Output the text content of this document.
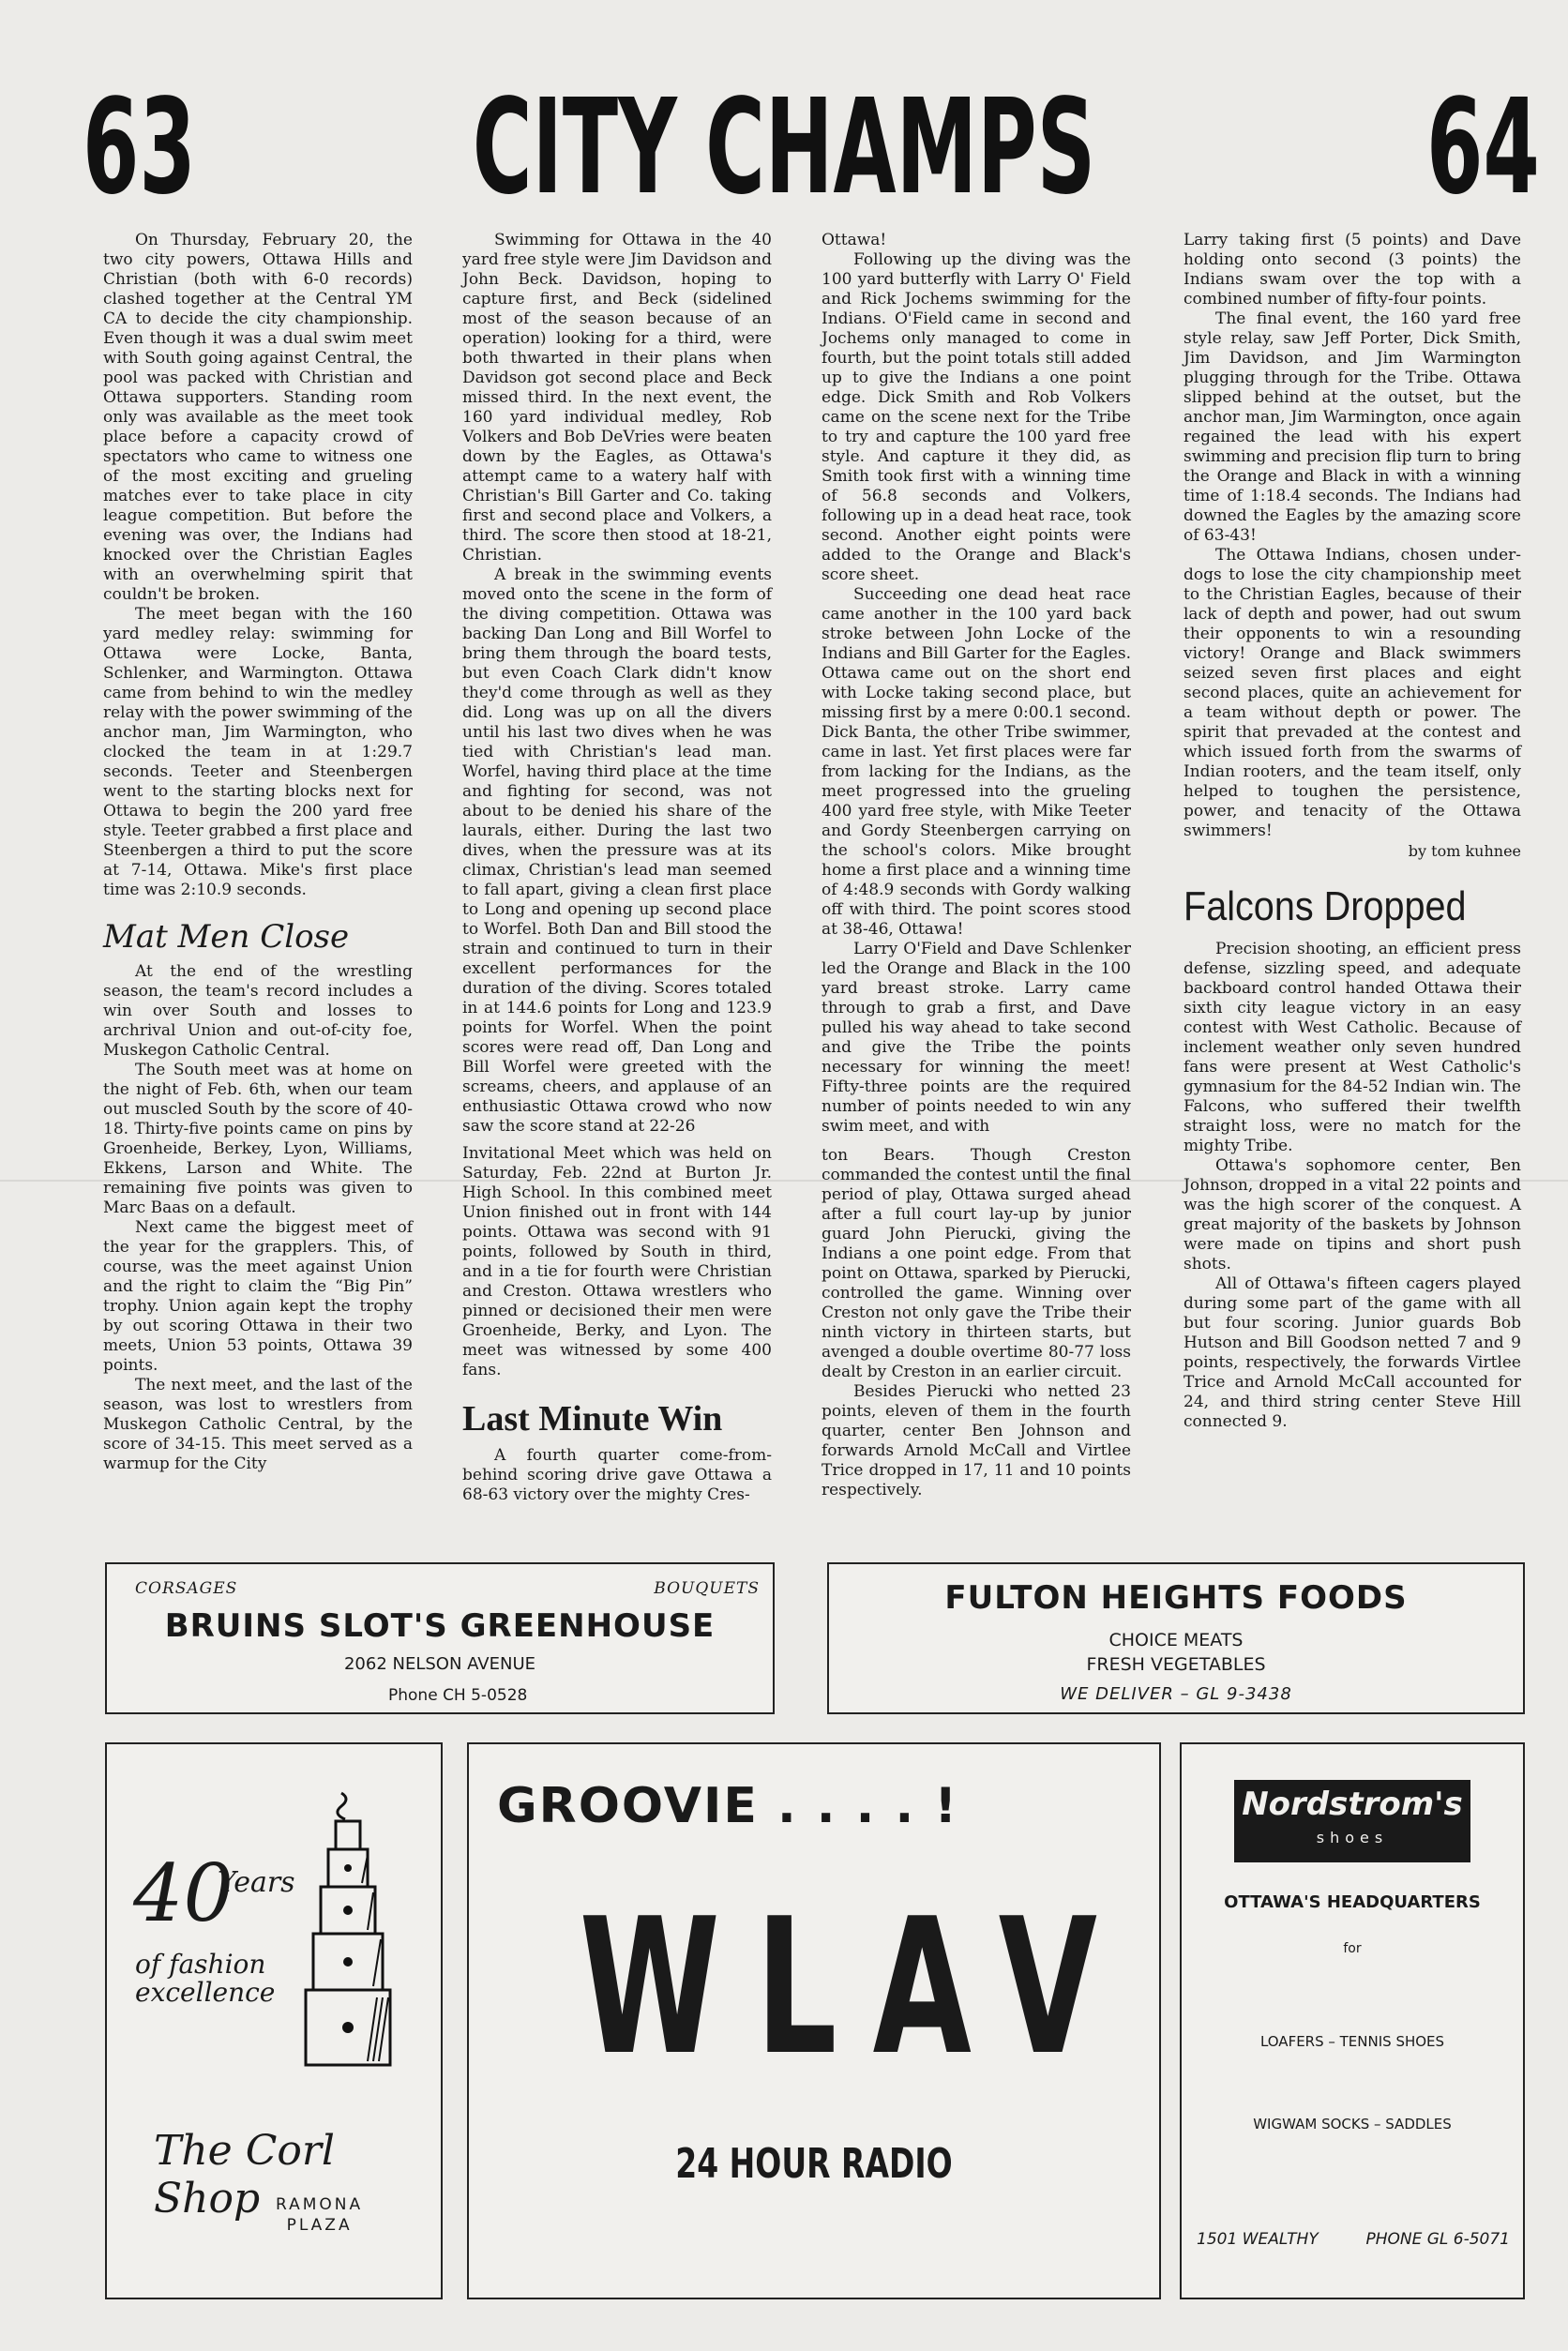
63 CITY CHAMPS	64

On Thursday, February 20, the two city powers, Ottawa Hills and Christian (both with 6-0 records) clashed together at the Central YM CA to decide the city championship. Even though it was a dual swim meet with South going against Central, the pool was packed with Christian and Ottawa supporters. Standing room only was available as the meet took place before a capacity crowd of spectators who came to witness one of the most exciting and grueling matches ever to take place in city league competition. But before the evening was over, the Indians had knocked over the Christian Eagles with an overwhelming spirit that couldn't be broken.

The meet began with the 160 yard medley relay: swimming for Ottawa were Locke, Banta, Schlenker, and Warmington. Ottawa came from behind to win the medley relay with the power swimming of the anchor man, Jim Warmington, who clocked the team in at 1:29.7 seconds. Teeter and Steenbergen went to the starting blocks next for Ottawa to begin the 200 yard free style. Teeter grabbed a first place and Steenbergen a third to put the score at 7-14, Ottawa. Mike's first place time was 2:10.9 seconds.

Mat Men Close

At the end of the wrestling season, the team's record includes a win over South and losses to archrival Union and out-of-city foe, Muskegon Catholic Central.

The South meet was at home on the night of Feb. 6th, when our team out muscled South by the score of 40-18. Thirty-five points came on pins by Groenheide, Berkey, Lyon, Williams, Ekkens, Larson and White. The remaining five points was given to Marc Baas on a default.

Next came the biggest meet of the year for the grapplers. This, of course, was the meet against Union and the right to claim the “Big Pin” trophy. Union again kept the trophy by out scoring Ottawa in their two meets, Union 53 points, Ottawa 39 points.

The next meet, and the last of the season, was lost to wrestlers from Muskegon Catholic Central, by the score of 34-15. This meet served as a warmup for the City

Swimming for Ottawa in the 40 yard free style were Jim Davidson and John Beck. Davidson, hoping to capture first, and Beck (sidelined most of the season because of an operation) looking for a third, were both thwarted in their plans when Davidson got second place and Beck missed third. In the next event, the 160 yard individual medley, Rob Volkers and Bob DeVries were beaten down by the Eagles, as Ottawa's attempt came to a watery half with Christian's Bill Garter and Co. taking first and second place and Volkers, a third. The score then stood at 18-21, Christian.

A break in the swimming events moved onto the scene in the form of the diving competition. Ottawa was backing Dan Long and Bill Worfel to bring them through the board tests, but even Coach Clark didn't know they'd come through as well as they did. Long was up on all the divers until his last two dives when he was tied with Christian's lead man. Worfel, having third place at the time and fighting for second, was not about to be denied his share of the laurals, either. During the last two dives, when the pressure was at its climax, Christian's lead man seemed to fall apart, giving a clean first place to Long and opening up second place to Worfel. Both Dan and Bill stood the strain and continued to turn in their excellent performances for the duration of the diving. Scores totaled in at 144.6 points for Long and 123.9 points for Worfel. When the point scores were read off, Dan Long and Bill Worfel were greeted with the screams, cheers, and applause of an enthusiastic Ottawa crowd who now saw the score stand at 22-26

Invitational Meet which was held on Saturday, Feb. 22nd at Burton Jr. High School. In this combined meet Union finished out in front with 144 points. Ottawa was second with 91 points, followed by South in third, and in a tie for fourth were Christian and Creston. Ottawa wrestlers who pinned or decisioned their men were Groenheide, Berky, and Lyon. The meet was witnessed by some 400 fans.

Last Minute Win

A fourth quarter come-from-behind scoring drive gave Ottawa a 68-63 victory over the mighty Cres-

Ottawa!

Following up the diving was the 100 yard butterfly with Larry O' Field and Rick Jochems swimming for the Indians. O'Field came in second and Jochems only managed to come in fourth, but the point totals still added up to give the Indians a one point edge. Dick Smith and Rob Volkers came on the scene next for the Tribe to try and capture the 100 yard free style. And capture it they did, as Smith took first with a winning time of 56.8 seconds and Volkers, following up in a dead heat race, took second. Another eight points were added to the Orange and Black's score sheet.

Succeeding one dead heat race came another in the 100 yard back stroke between John Locke of the Indians and Bill Garter for the Eagles. Ottawa came out on the short end with Locke taking second place, but missing first by a mere 0:00.1 second. Dick Banta, the other Tribe swimmer, came in last. Yet first places were far from lacking for the Indians, as the meet progressed into the grueling 400 yard free style, with Mike Teeter and Gordy Steenbergen carrying on the school's colors. Mike brought home a first place and a winning time of 4:48.9 seconds with Gordy walking off with third. The point scores stood at 38-46, Ottawa!

Larry O'Field and Dave Schlenker led the Orange and Black in the 100 yard breast stroke. Larry came through to grab a first, and Dave pulled his way ahead to take second and give the Tribe the points necessary for winning the meet! Fifty-three points are the required number of points needed to win any swim meet, and with

ton Bears. Though Creston commanded the contest until the final period of play, Ottawa surged ahead after a full court lay-up by junior guard John Pierucki, giving the Indians a one point edge. From that point on Ottawa, sparked by Pierucki, controlled the game. Winning over Creston not only gave the Tribe their ninth victory in thirteen starts, but avenged a double overtime 80-77 loss dealt by Creston in an earlier circuit.

Besides Pierucki who netted 23 points, eleven of them in the fourth quarter, center Ben Johnson and forwards Arnold McCall and Virtlee Trice dropped in 17, 11 and 10 points respectively.

Larry taking first (5 points) and Dave holding onto second (3 points) the Indians swam over the top with a combined number of fifty-four points.

The final event, the 160 yard free style relay, saw Jeff Porter, Dick Smith, Jim Davidson, and Jim Warmington plugging through for the Tribe. Ottawa slipped behind at the outset, but the anchor man, Jim Warmington, once again regained the lead with his expert swimming and precision flip turn to bring the Orange and Black in with a winning time of 1:18.4 seconds. The Indians had downed the Eagles by the amazing score of 63-43!

The Ottawa Indians, chosen under-dogs to lose the city championship meet to the Christian Eagles, because of their lack of depth and power, had out swum their opponents to win a resounding victory! Orange and Black swimmers seized seven first places and eight second places, quite an achievement for a team without depth or power. The spirit that prevaded at the contest and which issued forth from the swarms of Indian rooters, and the team itself, only helped to toughen the persistence, power, and tenacity of the Ottawa swimmers!

by tom kuhnee

Falcons Dropped

Precision shooting, an efficient press defense, sizzling speed, and adequate backboard control handed Ottawa their sixth city league victory in an easy contest with West Catholic. Because of inclement weather only seven hundred fans were present at West Catholic's gymnasium for the 84-52 Indian win. The Falcons, who suffered their twelfth straight loss, were no match for the mighty Tribe.

Ottawa's sophomore center, Ben Johnson, dropped in a vital 22 points and was the high scorer of the conquest. A great majority of the baskets by Johnson were made on tipins and short push shots.

All of Ottawa's fifteen cagers played during some part of the game with all but four scoring. Junior guards Bob Hutson and Bill Goodson netted 7 and 9 points, respectively, the forwards Virtlee Trice and Arnold McCall accounted for 24, and third string center Steve Hill connected 9.

CORSAGES	BOUQUETS
BRUINS SLOT'S GREENHOUSE
2062 NELSON AVENUE
Phone CH 5-0528
FULTON HEIGHTS FOODS
CHOICE MEATS
FRESH VEGETABLES
WE DELIVER – GL 9-3438
40
Years
of fashion excellence
The Corl Shop RAMONA
PLAZA
GROOVIE . . . . !
WLAV
24 HOUR RADIO
Nordstrom's
shoes
OTTAWA'S HEADQUARTERS
for
LOAFERS – TENNIS SHOES
WIGWAM SOCKS – SADDLES
1501 WEALTHY	PHONE GL 6-5071
